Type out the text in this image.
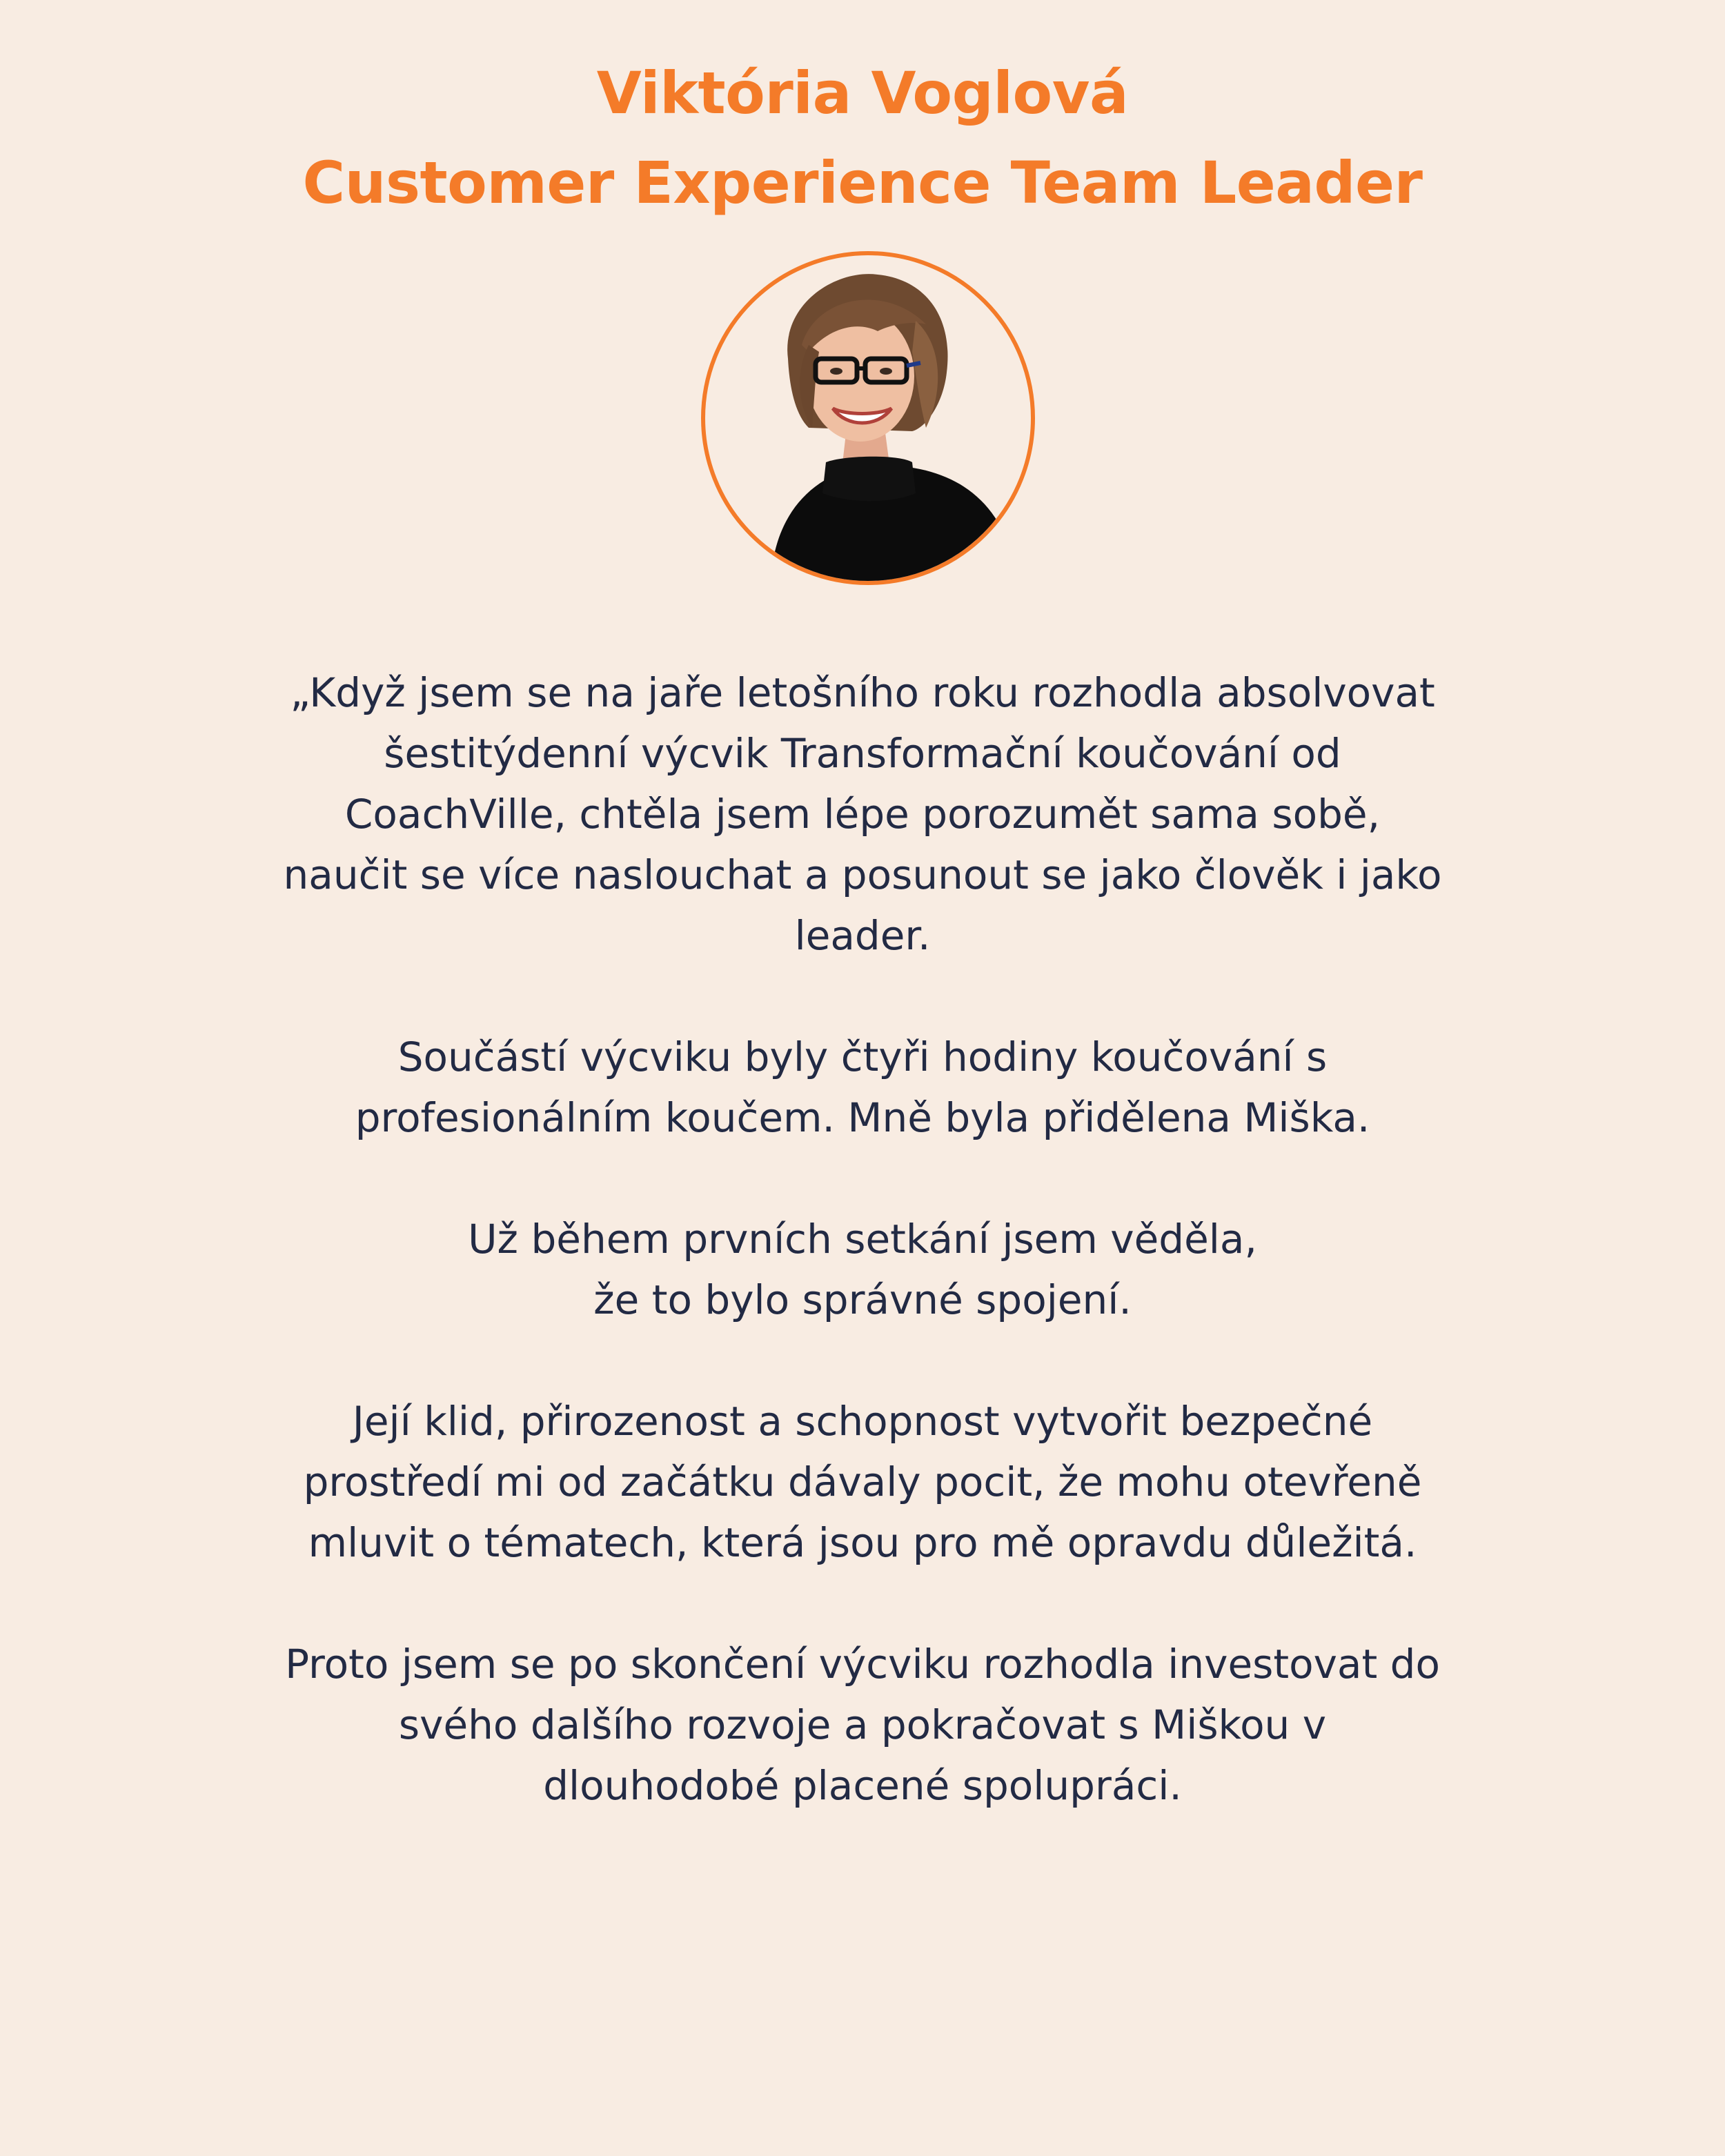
Viktória Voglová
Customer Experience Team Leader

„Když jsem se na jaře letošního roku rozhodla absolvovat
šestitýdenní výcvik Transformační koučování od
CoachVille, chtěla jsem lépe porozumět sama sobě,
naučit se více naslouchat a posunout se jako člověk i jako
leader.

Součástí výcviku byly čtyři hodiny koučování s
profesionálním koučem. Mně byla přidělena Miška.

Už během prvních setkání jsem věděla,
že to bylo správné spojení.

Její klid, přirozenost a schopnost vytvořit bezpečné
prostředí mi od začátku dávaly pocit, že mohu otevřeně
mluvit o tématech, která jsou pro mě opravdu důležitá.

Proto jsem se po skončení výcviku rozhodla investovat do
svého dalšího rozvoje a pokračovat s Miškou v
dlouhodobé placené spolupráci.
